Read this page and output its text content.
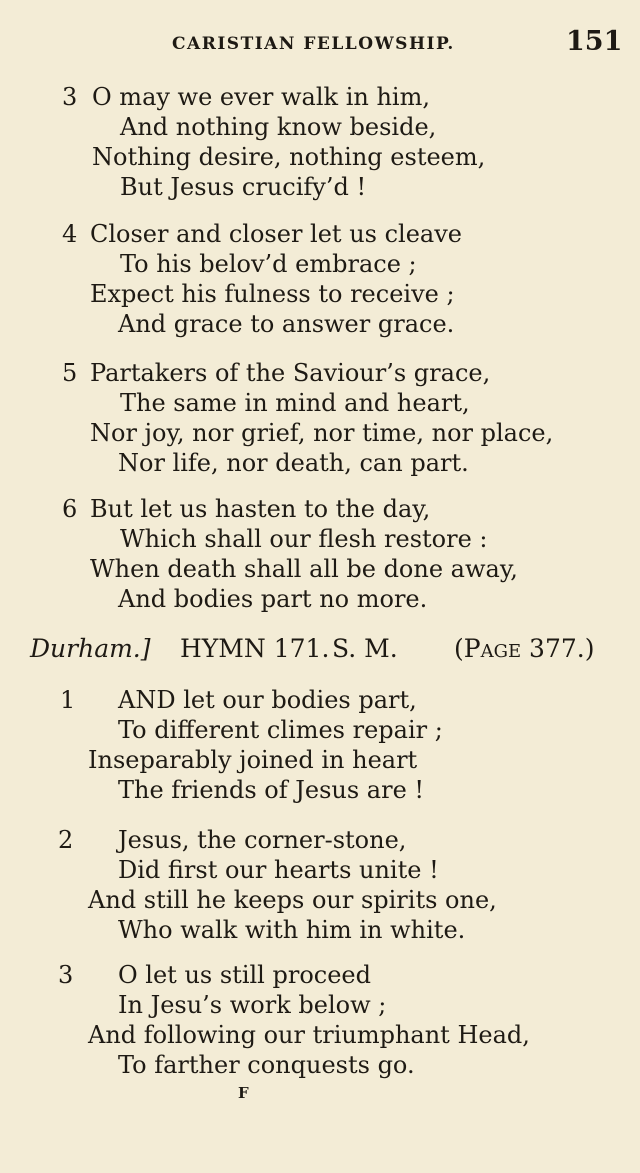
CARISTIAN FELLOWSHIP.	151
3 O may we ever walk in him,
And nothing know beside,
Nothing desire, nothing esteem,
But Jesus crucify’d !
4 Closer and closer let us cleave
To his belov’d embrace ;
Expect his fulness to receive ;
And grace to answer grace.
5 Partakers of the Saviour’s grace,
The same in mind and heart,
Nor joy, nor grief, nor time, nor place,
Nor life, nor death, can part.
6 But let us hasten to the day,
Which shall our flesh restore :
When death shall all be done away,
And bodies part no more.
Durham.] HYMN 171. S. M. (Page 377.)
1 AND let our bodies part,
To different climes repair ;
Inseparably joined in heart
The friends of Jesus are !
2 Jesus, the corner-stone,
Did first our hearts unite !
And still he keeps our spirits one,
Who walk with him in white.
3 O let us still proceed
In Jesu’s work below ;
And following our triumphant Head,
To farther conquests go.
F
